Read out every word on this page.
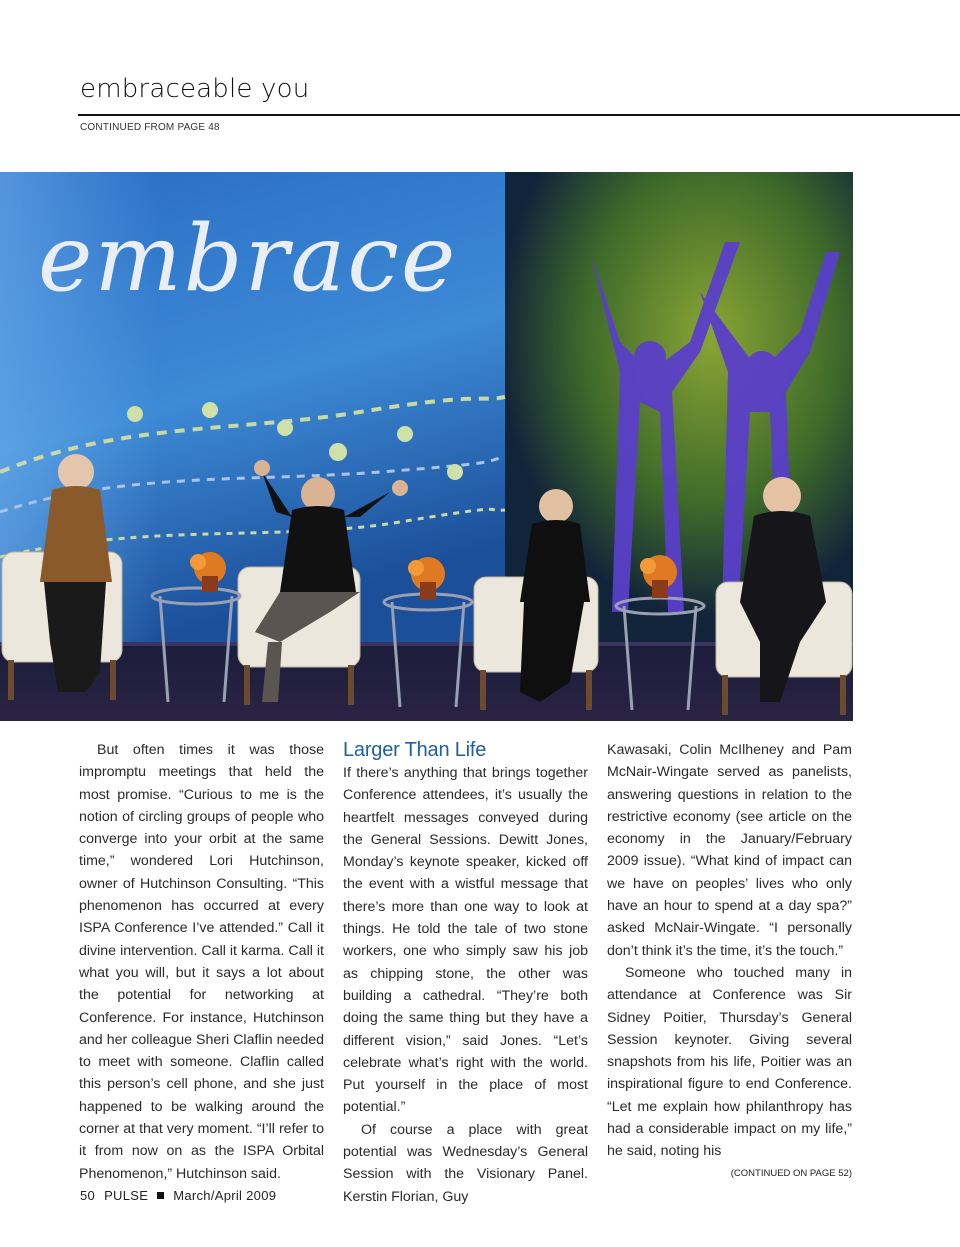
embraceable you
CONTINUED FROM PAGE 48
embrace

But often times it was those impromptu meetings that held the most promise. “Curious to me is the notion of circling groups of people who converge into your orbit at the same time,” wondered Lori Hutchinson, owner of Hutchinson Consulting. “This phenomenon has occurred at every ISPA Conference I’ve attended.” Call it divine intervention. Call it karma. Call it what you will, but it says a lot about the potential for networking at Conference. For instance, Hutchinson and her colleague Sheri Claflin needed to meet with someone. Claflin called this person’s cell phone, and she just happened to be walking around the corner at that very moment. “I’ll refer to it from now on as the ISPA Orbital Phenomenon,” Hutchinson said.

Larger Than Life

If there’s anything that brings together Conference attendees, it’s usually the heartfelt messages conveyed during the General Sessions. Dewitt Jones, Monday’s keynote speaker, kicked off the event with a wistful message that there’s more than one way to look at things. He told the tale of two stone workers, one who simply saw his job as chipping stone, the other was building a cathedral. “They’re both doing the same thing but they have a different vision,” said Jones. “Let’s celebrate what’s right with the world. Put yourself in the place of most potential.”

Of course a place with great potential was Wednesday’s General Session with the Visionary Panel. Kerstin Florian, Guy

Kawasaki, Colin McIlheney and Pam McNair-Wingate served as panelists, answering questions in relation to the restrictive economy (see article on the economy in the January/February 2009 issue). “What kind of impact can we have on peoples’ lives who only have an hour to spend at a day spa?” asked McNair-Wingate. “I personally don’t think it’s the time, it’s the touch.”

Someone who touched many in attendance at Conference was Sir Sidney Poitier, Thursday’s General Session keynoter. Giving several snapshots from his life, Poitier was an inspirational figure to end Conference. “Let me explain how philanthropy has had a considerable impact on my life,” he said, noting his

(CONTINUED ON PAGE 52)
50 PULSE March/April 2009
